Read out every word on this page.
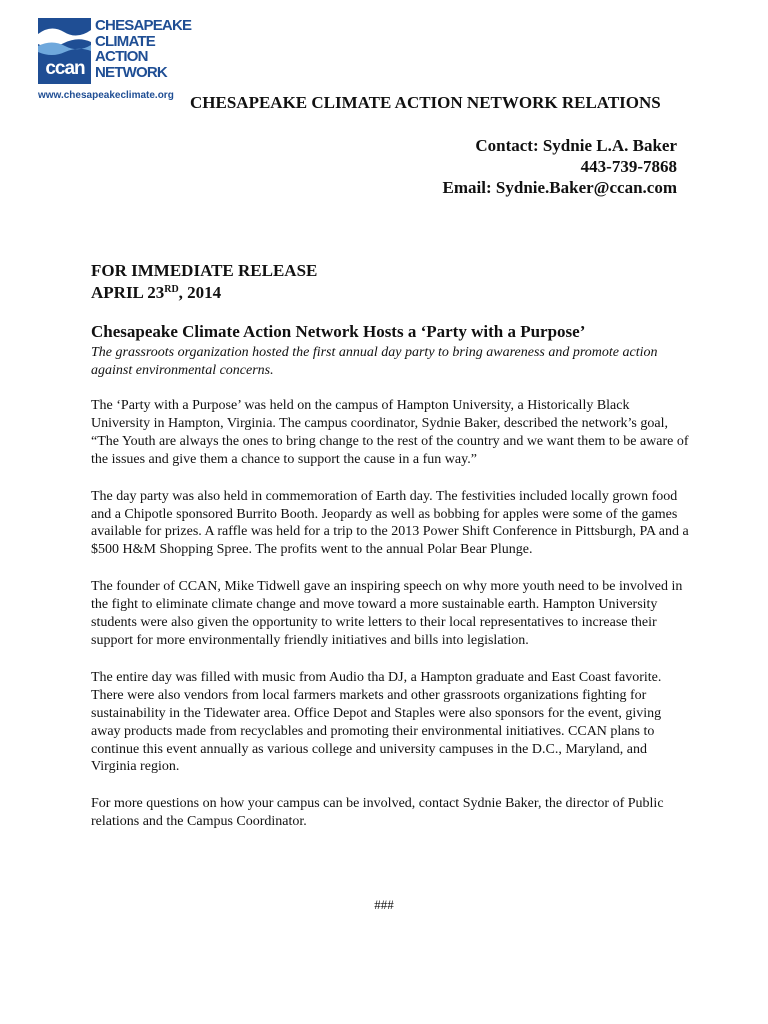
ccan
CHESAPEAKE
CLIMATE
ACTION
NETWORK
www.chesapeakeclimate.org CHESAPEAKE CLIMATE ACTION NETWORK RELATIONS
Contact: Sydnie L.A. Baker
443-739-7868
Email: Sydnie.Baker@ccan.com
FOR IMMEDIATE RELEASE
APRIL 23RD, 2014
Chesapeake Climate Action Network Hosts a ‘Party with a Purpose’
The grassroots organization hosted the first annual day party to bring awareness and promote action against environmental concerns.

The ‘Party with a Purpose’ was held on the campus of Hampton University, a Historically Black University in Hampton, Virginia. The campus coordinator, Sydnie Baker, described the network’s goal, “The Youth are always the ones to bring change to the rest of the country and we want them to be aware of the issues and give them a chance to support the cause in a fun way.”

The day party was also held in commemoration of Earth day. The festivities included locally grown food and a Chipotle sponsored Burrito Booth. Jeopardy as well as bobbing for apples were some of the games available for prizes. A raffle was held for a trip to the 2013 Power Shift Conference in Pittsburgh, PA and a $500 H&M Shopping Spree. The profits went to the annual Polar Bear Plunge.

The founder of CCAN, Mike Tidwell gave an inspiring speech on why more youth need to be involved in the fight to eliminate climate change and move toward a more sustainable earth. Hampton University students were also given the opportunity to write letters to their local representatives to increase their support for more environmentally friendly initiatives and bills into legislation.

The entire day was filled with music from Audio tha DJ, a Hampton graduate and East Coast favorite. There were also vendors from local farmers markets and other grassroots organizations fighting for sustainability in the Tidewater area. Office Depot and Staples were also sponsors for the event, giving away products made from recyclables and promoting their environmental initiatives. CCAN plans to continue this event annually as various college and university campuses in the D.C., Maryland, and Virginia region.

For more questions on how your campus can be involved, contact Sydnie Baker, the director of Public relations and the Campus Coordinator.

###
